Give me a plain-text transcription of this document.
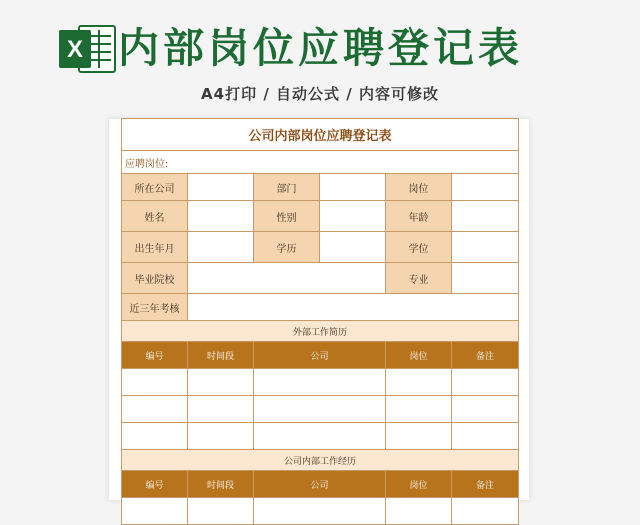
X 内部岗位应聘登记表
A4打印 / 自动公式 / 内容可修改
公司内部岗位应聘登记表					
应聘岗位:					
所在公司		部门		岗位	
姓名		性别		年龄	
出生年月		学历		学位	
毕业院校				专业	
近三年考核					
外部工作简历					
编号	时间段	公司		岗位	备注

公司内部工作经历					
编号	时间段	公司		岗位	备注
